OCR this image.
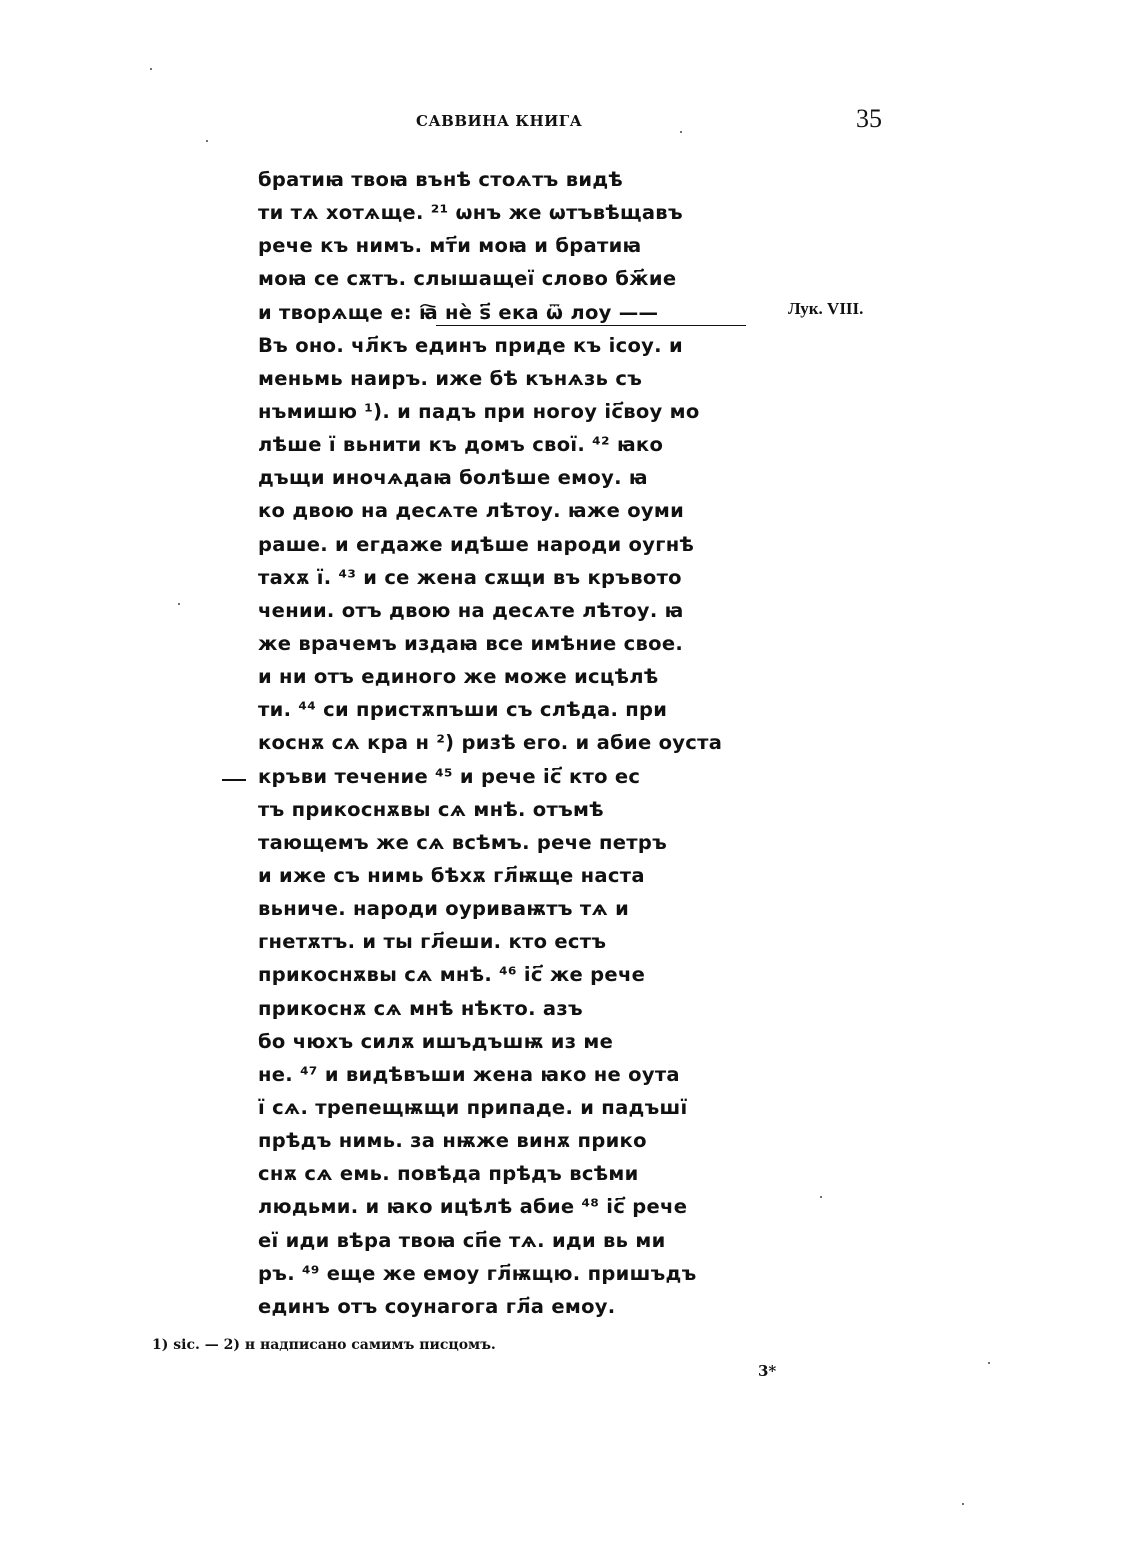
САВВИНА КНИГА	35
братиꙗ твоꙗ вънѣ стоѧтъ видѣ
ти тѧ хотѧще. ²¹ ѡнъ же ѡтъвѣщавъ
рече къ нимъ. мт҃и моꙗ и братиꙗ
моꙗ се сѫтъ. слышащеї слово бж҃ие
и творѧще е: ꙗ҇ нѐ ѕ҃ ека ѿ лоу ——
Въ оно. чл҃къ единъ приде къ ісоу. и
меньмь наиръ. иже бѣ кънѧзь съ
нъмишю ¹). и падъ при ногоу іс҃воу мо
лѣше ї вьнити къ домъ свої. ⁴² ꙗко
дъщи иночѧдаꙗ болѣше емоу. ꙗ
ко двою на десѧте лѣтоу. ꙗже оуми
раше. и егдаже идѣше народи оугнѣ
тахѫ ї. ⁴³ и се жена сѫщи въ кръвото
чении. отъ двою на десѧте лѣтоу. ꙗ
же врачемъ издаꙗ все имѣние свое.
и ни отъ единого же може исцѣлѣ
ти. ⁴⁴ си пристѫпъши съ слѣда. при
коснѫ сѧ кра н ²) ризѣ его. и абие оуста
кръви течение ⁴⁵ и рече іс҃ кто ес
тъ прикоснѫвы сѧ мнѣ. отъмѣ
тающемъ же сѧ всѣмъ. рече петръ
и иже съ нимь бѣхѫ гл҃ѭще наста
вьниче. народи оуриваѭтъ тѧ и
гнетѫтъ. и ты гл҃еши. кто естъ
прикоснѫвы сѧ мнѣ. ⁴⁶ іс҃ же рече
прикоснѫ сѧ мнѣ нѣкто. азъ
бо чюхъ силѫ ишъдъшѭ из ме
не. ⁴⁷ и видѣвъши жена ꙗко не оута
ї сѧ. трепещѭщи припаде. и падъшї
прѣдъ нимь. за нѭже винѫ прико
снѫ сѧ емь. повѣда прѣдъ всѣми
людьми. и ꙗко ицѣлѣ абие ⁴⁸ іс҃ рече
еї иди вѣра твоꙗ сп҃е тѧ. иди вь ми
ръ. ⁴⁹ еще же емоу гл҃ѭщю. пришъдъ
единъ отъ соунагога гл҃а емоу.
Лук. VIII.
1) sic. — 2) н надписано самимъ писцомъ.
3*
